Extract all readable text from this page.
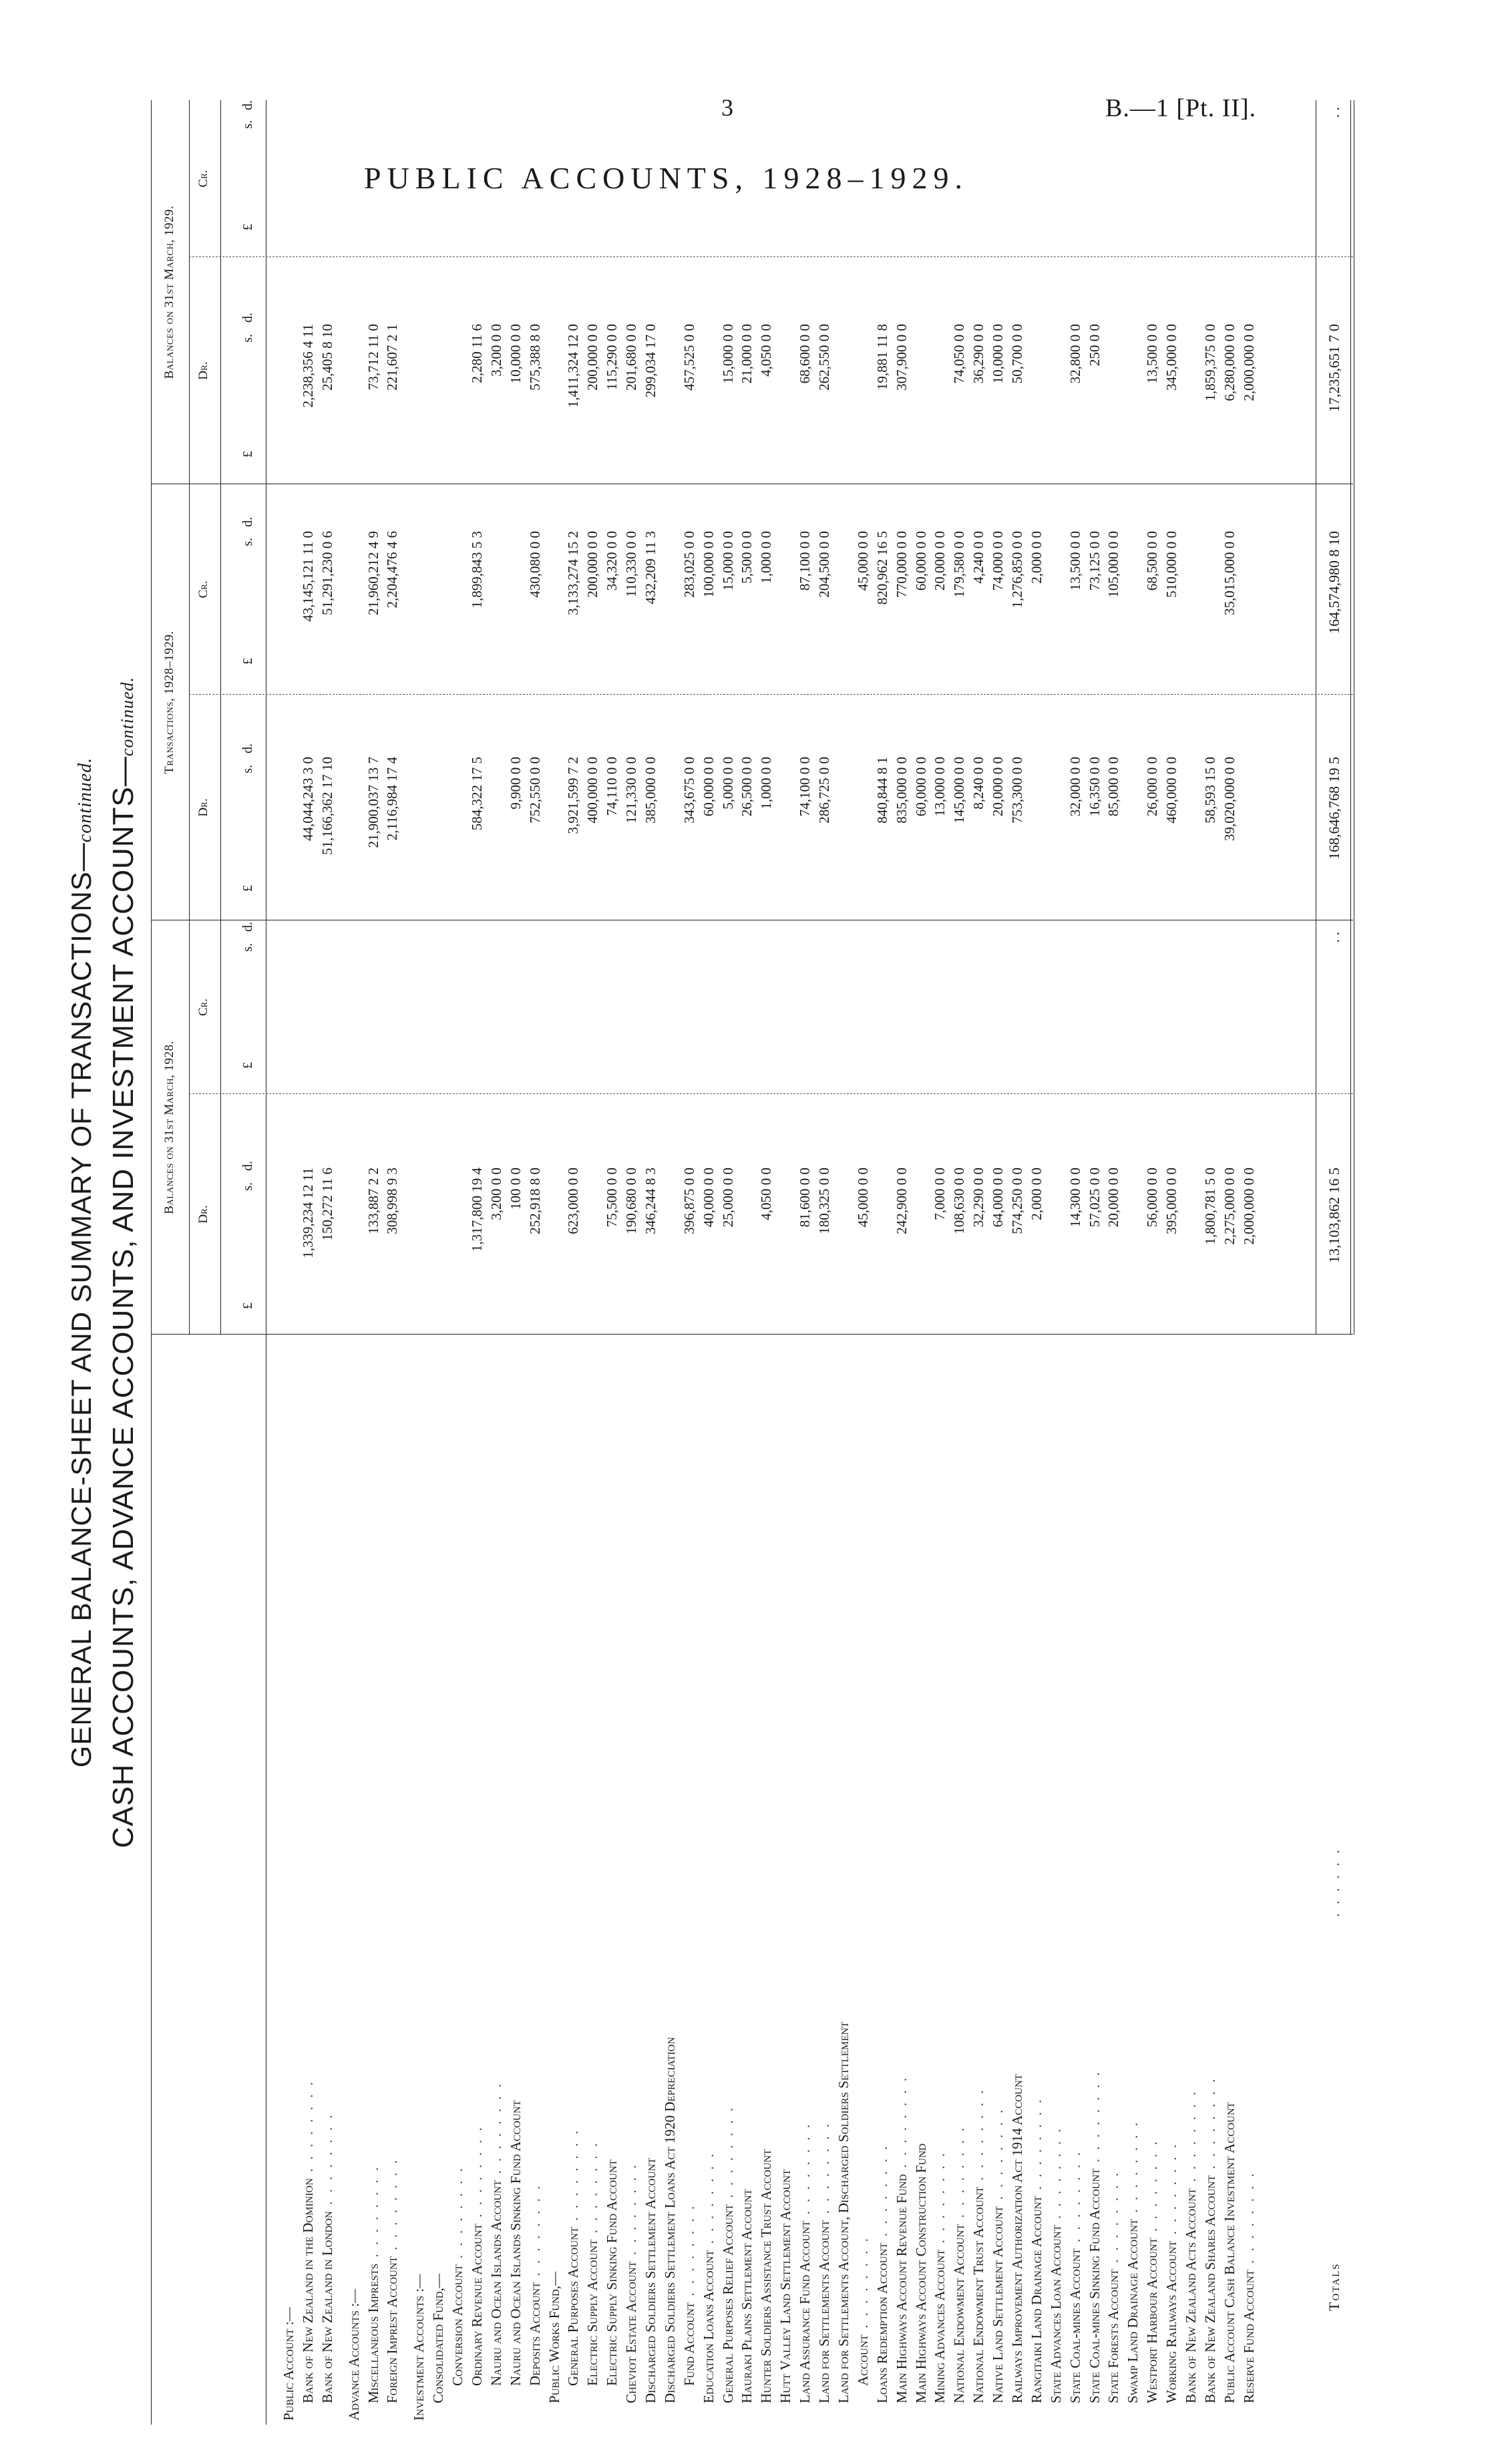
3	B.—1 [Pt. II].
PUBLIC ACCOUNTS, 1928–1929.
GENERAL BALANCE-SHEET AND SUMMARY OF TRANSACTIONS—continued. CASH ACCOUNTS, ADVANCE ACCOUNTS, AND INVESTMENT ACCOUNTS—continued.
Balances on 31st March, 1928.
Transactions, 1928–1929.
Balances on 31st March, 1929.
Dr.
Cr.
Dr.
Cr.
Dr.
Cr.
£
s.
d.
£
s.
d.
£
s.
d.
£
s.
d.
£
s.
d.
£
s.
d.
Public Account :— Bank of New Zealand in the Dominion . . . . . . . .
1,339,234 12 11
44,044,243 3 0
43,145,121 11 0
2,238,356 4 11
Bank of New Zealand in London . . . . . . . .
150,272 11 6
51,166,362 17 10
51,291,230 0 6
25,405 8 10
Advance Accounts :— Miscellaneous Imprests . . . . . . . .
133,887 2 2
21,900,037 13 7
21,960,212 4 9
73,712 11 0
Foreign Imprest Account . . . . . . . .
308,998 9 3
2,116,984 17 4
2,204,476 4 6
221,607 2 1
Investment Accounts :— Consolidated Fund,— Conversion Account . . . . . . . .
Ordinary Revenue Account . . . . . . . .
1,317,800 19 4
584,322 17 5
1,899,843 5 3
2,280 11 6
Nauru and Ocean Islands Account . . . . . . . .
3,200 0 0
3,200 0 0
Nauru and Ocean Islands Sinking Fund Account
100 0 0
9,900 0 0
10,000 0 0
Deposits Account . . . . . . . .
252,918 8 0
752,550 0 0
430,080 0 0
575,388 8 0
Public Works Fund,— General Purposes Account . . . . . . . .
623,000 0 0
3,921,599 7 2
3,133,274 15 2
1,411,324 12 0
Electric Supply Account . . . . . . . .
400,000 0 0
200,000 0 0
200,000 0 0
Electric Supply Sinking Fund Account
75,500 0 0
74,110 0 0
34,320 0 0
115,290 0 0
Cheviot Estate Account . . . . . . . .
190,680 0 0
121,330 0 0
110,330 0 0
201,680 0 0
Discharged Soldiers Settlement Account
346,244 8 3
385,000 0 0
432,209 11 3
299,034 17 0
Discharged Soldiers Settlement Loans Act 1920 Depreciation Fund Account . . . . . . . .
396,875 0 0
343,675 0 0
283,025 0 0
457,525 0 0
Education Loans Account . . . . . . . .
40,000 0 0
60,000 0 0
100,000 0 0
General Purposes Relief Account . . . . . . . .
25,000 0 0
5,000 0 0
15,000 0 0
15,000 0 0
Hauraki Plains Settlement Account
26,500 0 0
5,500 0 0
21,000 0 0
Hunter Soldiers Assistance Trust Account
4,050 0 0
1,000 0 0
1,000 0 0
4,050 0 0
Hutt Valley Land Settlement Account Land Assurance Fund Account . . . . . . . .
81,600 0 0
74,100 0 0
87,100 0 0
68,600 0 0
Land for Settlements Account . . . . . . . .
180,325 0 0
286,725 0 0
204,500 0 0
262,550 0 0
Land for Settlements Account, Discharged Soldiers Settlement Account . . . . . . . .
45,000 0 0
45,000 0 0
Loans Redemption Account . . . . . . . .
840,844 8 1
820,962 16 5
19,881 11 8
Main Highways Account Revenue Fund . . . . . . . .
242,900 0 0
835,000 0 0
770,000 0 0
307,900 0 0
Main Highways Account Construction Fund
60,000 0 0
60,000 0 0
Mining Advances Account . . . . . . . .
7,000 0 0
13,000 0 0
20,000 0 0
National Endowment Account . . . . . . . .
108,630 0 0
145,000 0 0
179,580 0 0
74,050 0 0
National Endowment Trust Account . . . . . . . .
32,290 0 0
8,240 0 0
4,240 0 0
36,290 0 0
Native Land Settlement Account . . . . . . . .
64,000 0 0
20,000 0 0
74,000 0 0
10,000 0 0
Railways Improvement Authorization Act 1914 Account
574,250 0 0
753,300 0 0
1,276,850 0 0
50,700 0 0
Rangitaiki Land Drainage Account . . . . . . . .
2,000 0 0
2,000 0 0
State Advances Loan Account . . . . . . . .
State Coal-mines Account . . . . . . . .
14,300 0 0
32,000 0 0
13,500 0 0
32,800 0 0
State Coal-mines Sinking Fund Account . . . . . . . .
57,025 0 0
16,350 0 0
73,125 0 0
250 0 0
State Forests Account . . . . . . . .
20,000 0 0
85,000 0 0
105,000 0 0
Swamp Land Drainage Account . . . . . . . .
Westport Harbour Account . . . . . . . .
56,000 0 0
26,000 0 0
68,500 0 0
13,500 0 0
Working Railways Account . . . . . . . .
395,000 0 0
460,000 0 0
510,000 0 0
345,000 0 0
Bank of New Zealand Acts Account . . . . . . . .
Bank of New Zealand Shares Account . . . . . . . .
1,800,781 5 0
58,593 15 0
1,859,375 0 0
Public Account Cash Balance Investment Account
2,275,000 0 0
39,020,000 0 0
35,015,000 0 0
6,280,000 0 0
Reserve Fund Account . . . . . . . .
2,000,000 0 0
2,000,000 0 0
Totals
. . . . . .
13,103,862 16 5
. .
168,646,768 19 5
164,574,980 8 10
17,235,651 7 0
. .
